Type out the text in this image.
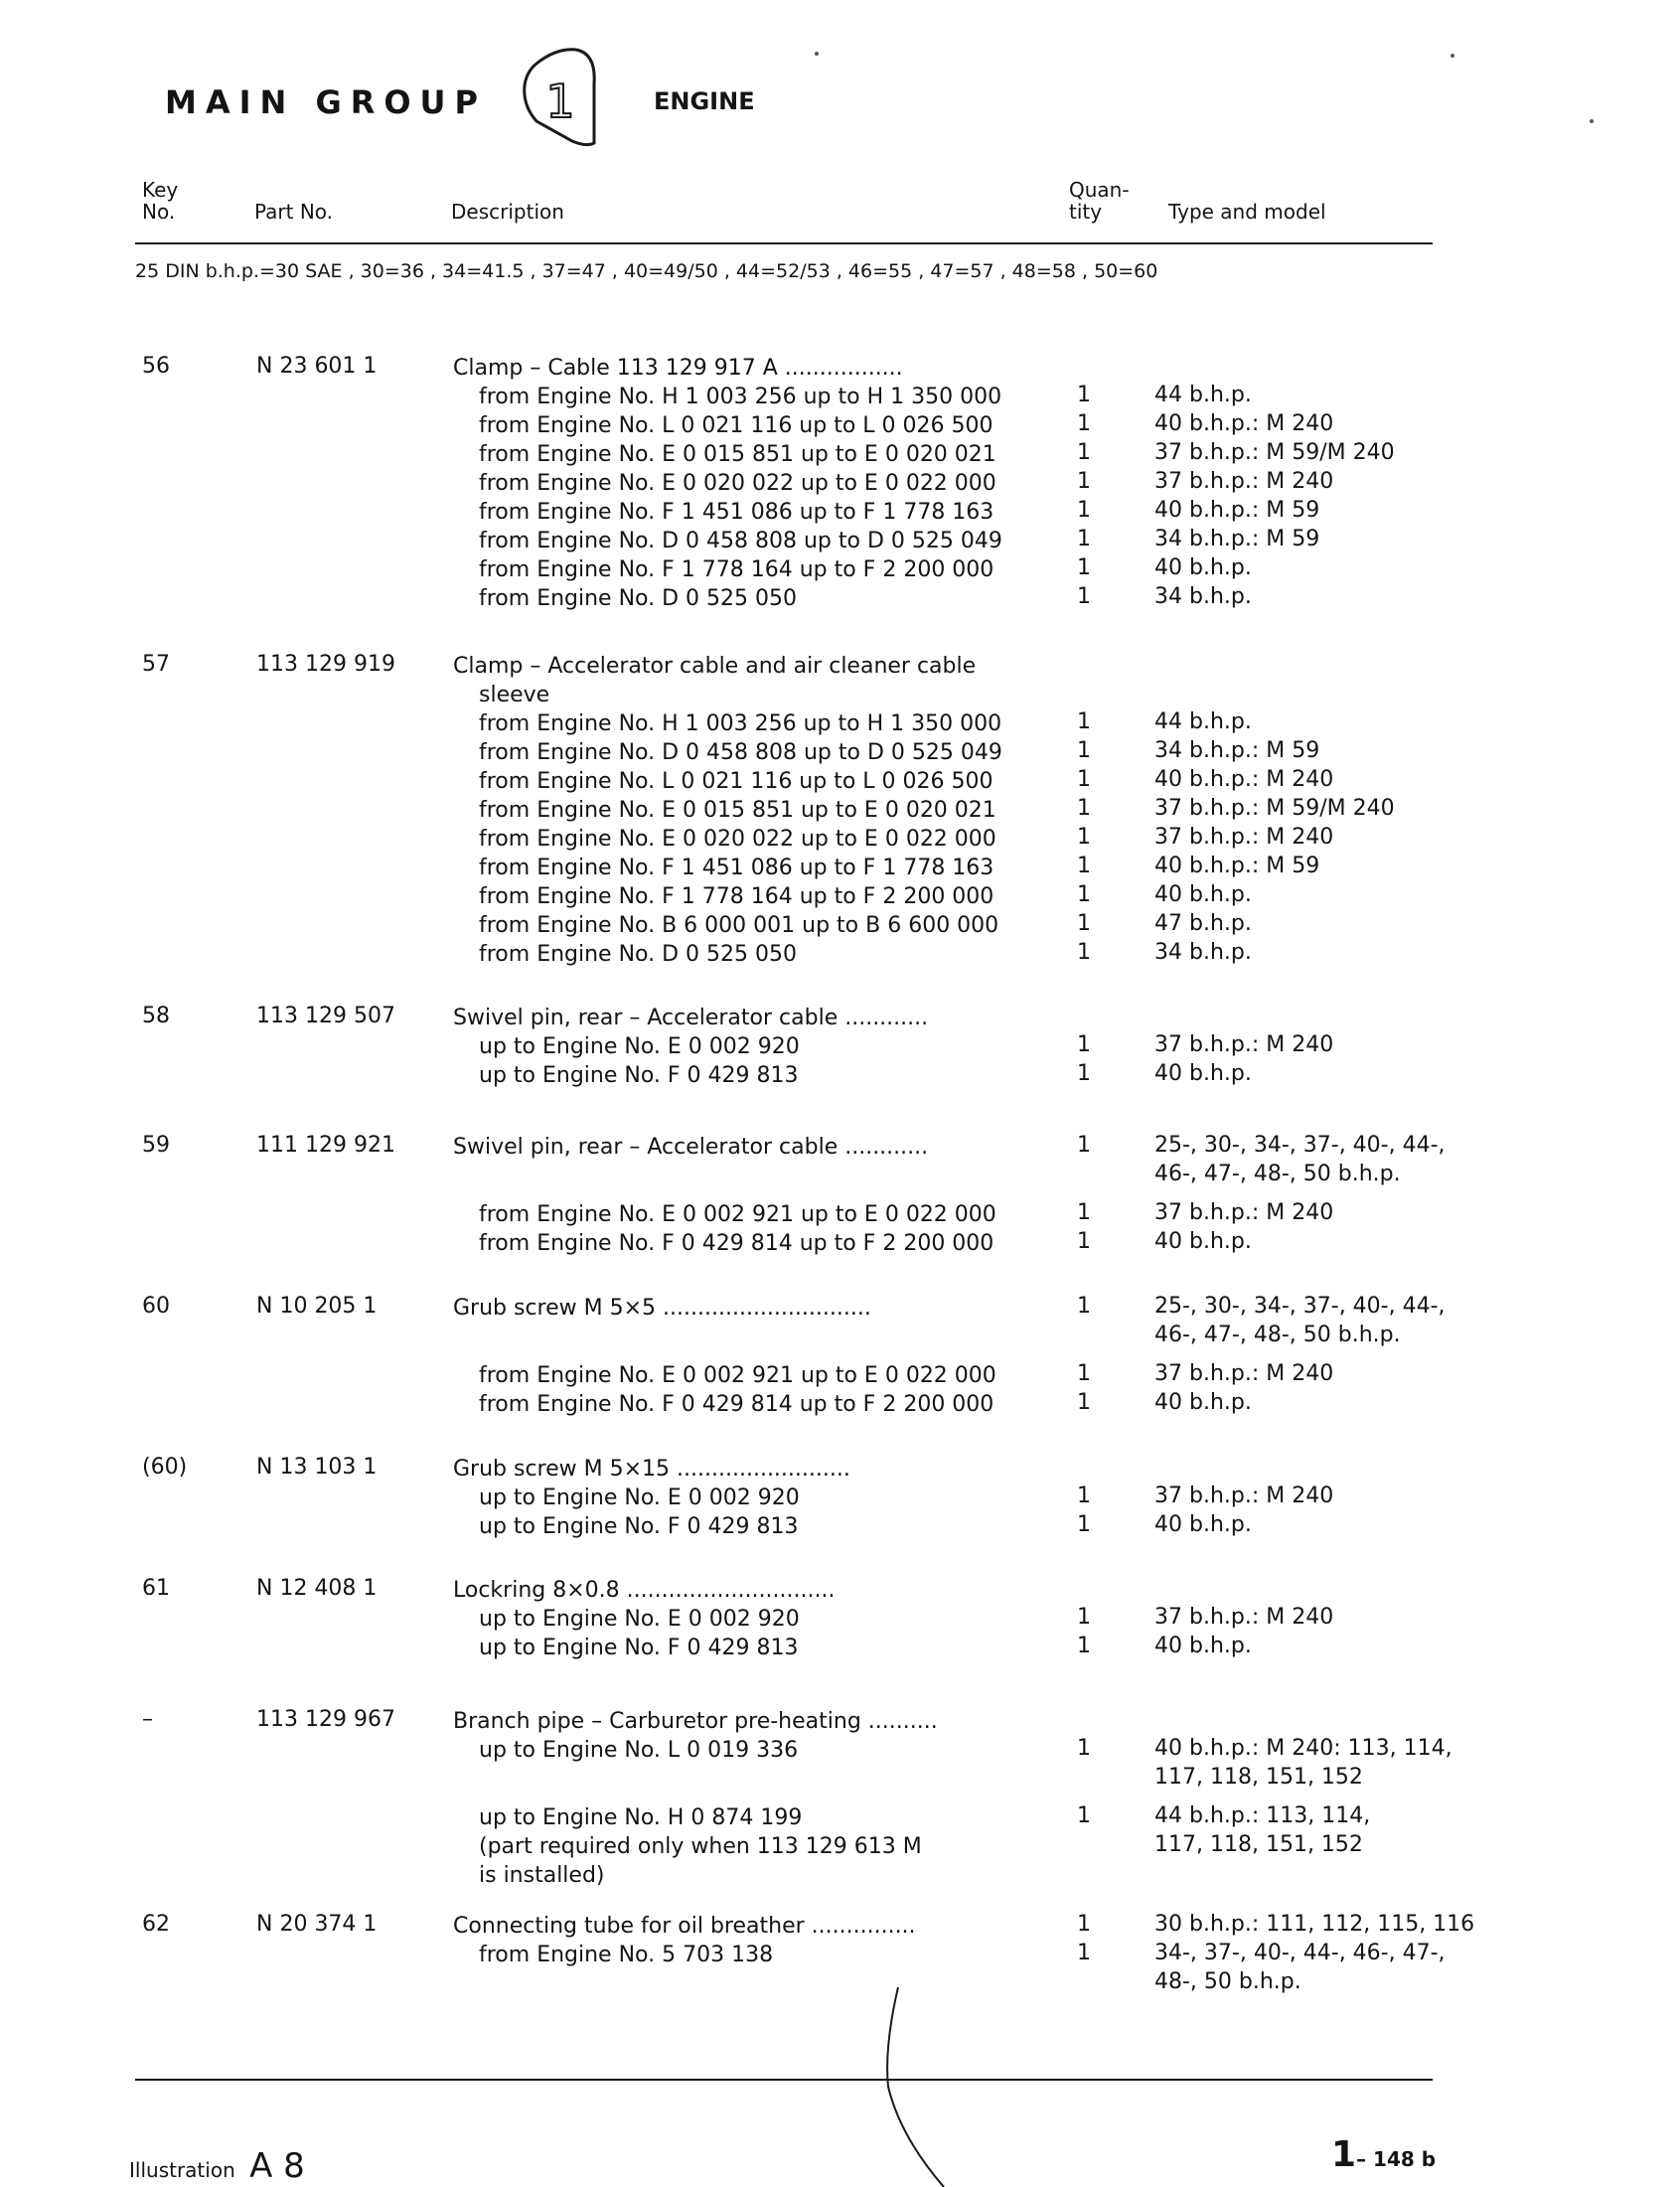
MAIN GROUP 1	ENGINE
Key
No.	Part No.	Description
Quan-
tity	Type and model
25 DIN b.h.p.=30 SAE , 30=36 , 34=41.5 , 37=47 , 40=49/50 , 44=52/53 , 46=55 , 47=57 , 48=58 , 50=60
56	N 23 601 1	Clamp – Cable 113 129 917 A .................
from Engine No. H 1 003 256 up to H 1 350 000	1	44 b.h.p.
from Engine No. L 0 021 116 up to L 0 026 500	1	40 b.h.p.: M 240
from Engine No. E 0 015 851 up to E 0 020 021	1	37 b.h.p.: M 59/M 240
from Engine No. E 0 020 022 up to E 0 022 000	1	37 b.h.p.: M 240
from Engine No. F 1 451 086 up to F 1 778 163	1	40 b.h.p.: M 59
from Engine No. D 0 458 808 up to D 0 525 049	1	34 b.h.p.: M 59
from Engine No. F 1 778 164 up to F 2 200 000	1	40 b.h.p.
from Engine No. D 0 525 050	1	34 b.h.p.
57	113 129 919	Clamp – Accelerator cable and air cleaner cable
sleeve
from Engine No. H 1 003 256 up to H 1 350 000	1	44 b.h.p.
from Engine No. D 0 458 808 up to D 0 525 049	1	34 b.h.p.: M 59
from Engine No. L 0 021 116 up to L 0 026 500	1	40 b.h.p.: M 240
from Engine No. E 0 015 851 up to E 0 020 021	1	37 b.h.p.: M 59/M 240
from Engine No. E 0 020 022 up to E 0 022 000	1	37 b.h.p.: M 240
from Engine No. F 1 451 086 up to F 1 778 163	1	40 b.h.p.: M 59
from Engine No. F 1 778 164 up to F 2 200 000	1	40 b.h.p.
from Engine No. B 6 000 001 up to B 6 600 000	1	47 b.h.p.
from Engine No. D 0 525 050	1	34 b.h.p.
58	113 129 507	Swivel pin, rear – Accelerator cable ............
up to Engine No. E 0 002 920	1	37 b.h.p.: M 240
up to Engine No. F 0 429 813	1	40 b.h.p.
59	111 129 921	Swivel pin, rear – Accelerator cable ............	1	25-, 30-, 34-, 37-, 40-, 44-,
46-, 47-, 48-, 50 b.h.p.
from Engine No. E 0 002 921 up to E 0 022 000	1	37 b.h.p.: M 240
from Engine No. F 0 429 814 up to F 2 200 000	1	40 b.h.p.
60	N 10 205 1	Grub screw M 5×5 ..............................	1	25-, 30-, 34-, 37-, 40-, 44-,
46-, 47-, 48-, 50 b.h.p.
from Engine No. E 0 002 921 up to E 0 022 000	1	37 b.h.p.: M 240
from Engine No. F 0 429 814 up to F 2 200 000	1	40 b.h.p.
(60)	N 13 103 1	Grub screw M 5×15 .........................
up to Engine No. E 0 002 920	1	37 b.h.p.: M 240
up to Engine No. F 0 429 813	1	40 b.h.p.
61	N 12 408 1	Lockring 8×0.8 ..............................
up to Engine No. E 0 002 920	1	37 b.h.p.: M 240
up to Engine No. F 0 429 813	1	40 b.h.p.
–	113 129 967	Branch pipe – Carburetor pre-heating ..........
up to Engine No. L 0 019 336	1	40 b.h.p.: M 240: 113, 114,
117, 118, 151, 152
up to Engine No. H 0 874 199	1	44 b.h.p.: 113, 114,
(part required only when 113 129 613 M	117, 118, 151, 152
is installed)
62	N 20 374 1	Connecting tube for oil breather ...............	1	30 b.h.p.: 111, 112, 115, 116
from Engine No. 5 703 138	1	34-, 37-, 40-, 44-, 46-, 47-,
48-, 50 b.h.p.
Illustration A 8	1– 148 b
